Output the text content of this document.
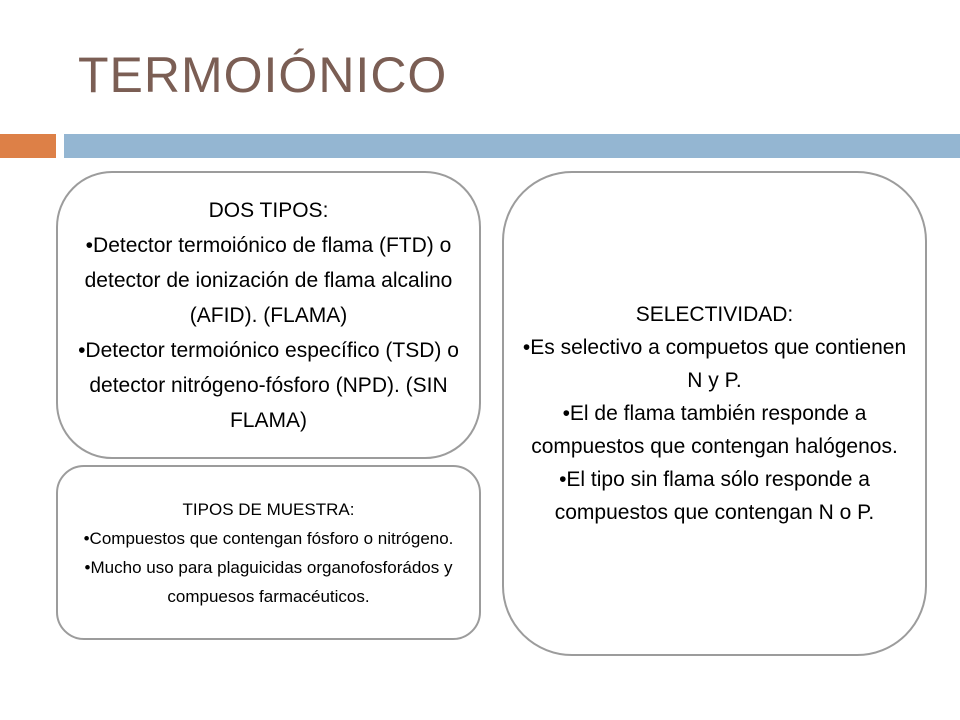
TERMOIÓNICO
DOS TIPOS:
•Detector termoiónico de flama (FTD) o detector de ionización de flama alcalino (AFID). (FLAMA)
•Detector termoiónico específico (TSD) o detector nitrógeno-fósforo (NPD). (SIN FLAMA)
TIPOS DE MUESTRA:
•Compuestos que contengan fósforo o nitrógeno.
•Mucho uso para plaguicidas organofosforádos y compuesos farmacéuticos.
SELECTIVIDAD:
•Es selectivo a compuetos que contienen N y P.
•El de flama también responde a compuestos que contengan halógenos.
•El tipo sin flama sólo responde a compuestos que contengan N o P.
